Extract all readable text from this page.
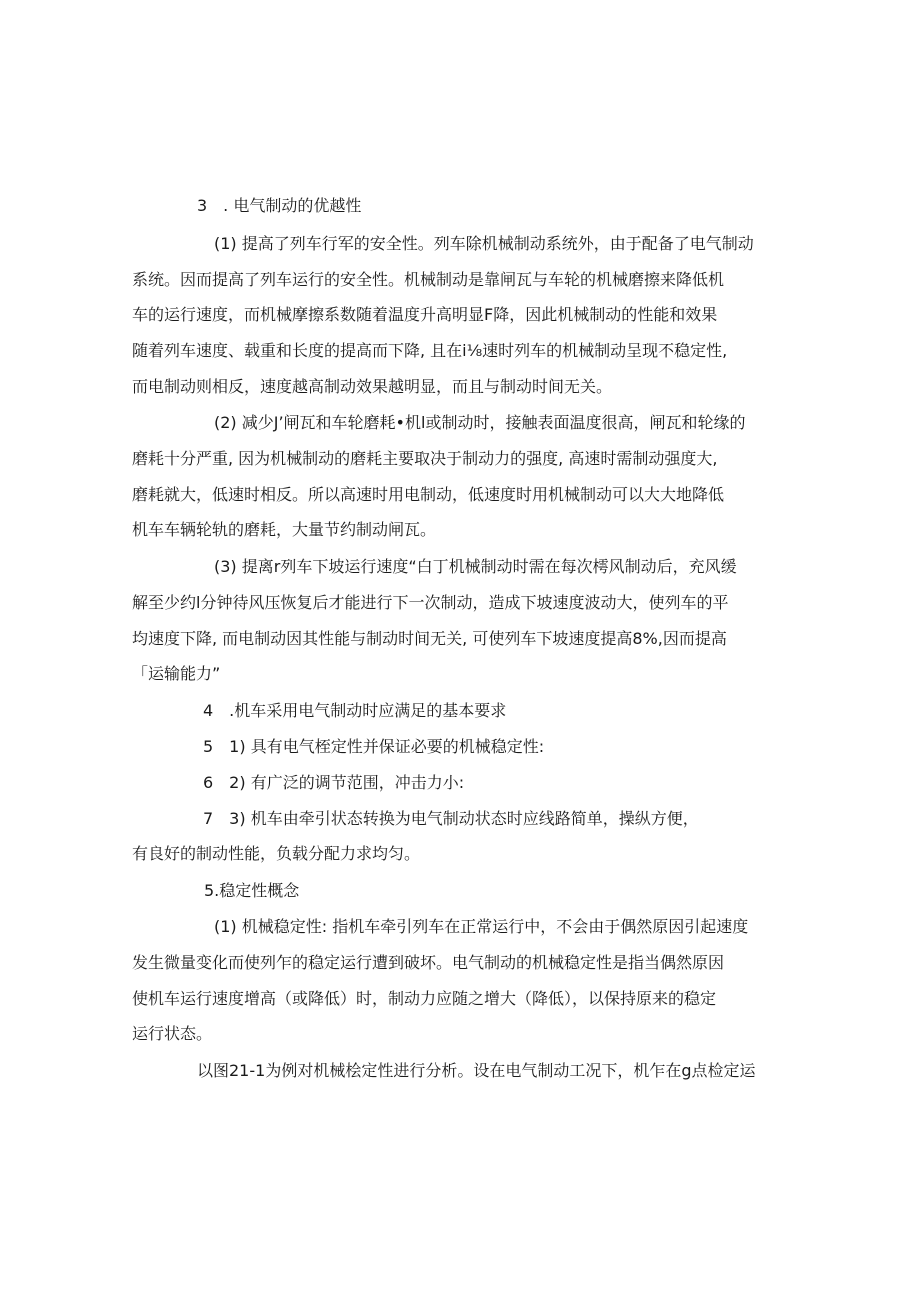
3　. 电气制动的优越性
(1) 提高了列车行军的安全性。列车除机械制动系统外，由于配备了电气制动
系统。因而提高了列车运行的安全性。机械制动是靠闸瓦与车轮的机械磨擦来降低机
车的运行速度，而机械摩擦系数随着温度升高明显F降，因此机械制动的性能和效果
随着列车速度、载重和长度的提高而下降, 且在i⅛速时列车的机械制动呈现不稳定性,
而电制动则相反，速度越高制动效果越明显，而且与制动时间无关。
(2) 减少J’闸瓦和车轮磨耗•机l或制动时，接触表面温度很高，闸瓦和轮缘的
磨耗十分严重, 因为机械制动的磨耗主要取决于制动力的强度, 高速时需制动强度大,
磨耗就大，低速时相反。所以高速时用电制动，低速度时用机械制动可以大大地降低
机车车辆轮轨的磨耗，大量节约制动闸瓦。
(3) 提离r列车下坡运行速度“白丁机械制动时需在每次樗风制动后，充风缓
解至少约l分钟待风压恢复后才能进行下一次制动，造成下坡速度波动大，使列车的平
均速度下降, 而电制动因其性能与制动时间无关, 可使列车下坡速度提高8%,因而提高
「运输能力”
4　.机车采用电气制动时应满足的基本要求
5　1) 具有电气桎定性并保证必要的机械稳定性:
6　2) 有广泛的调节范围，冲击力小:
7　3) 机车由牵引状态转换为电气制动状态时应线路简单，操纵方便，
有良好的制动性能，负载分配力求均匀。
5.稳定性概念
(1) 机械稳定性: 指机车牵引列车在正常运行中，不会由于偶然原因引起速度
发生微量变化而使列乍的稳定运行遭到破坏。电气制动的机械稳定性是指当偶然原因
使机车运行速度增高（或降低）时，制动力应随之增大（降低），以保持原来的稳定
运行状态。
以图21-1为例对机械桧定性进行分析。设在电气制动工况下，机乍在g点检定运
